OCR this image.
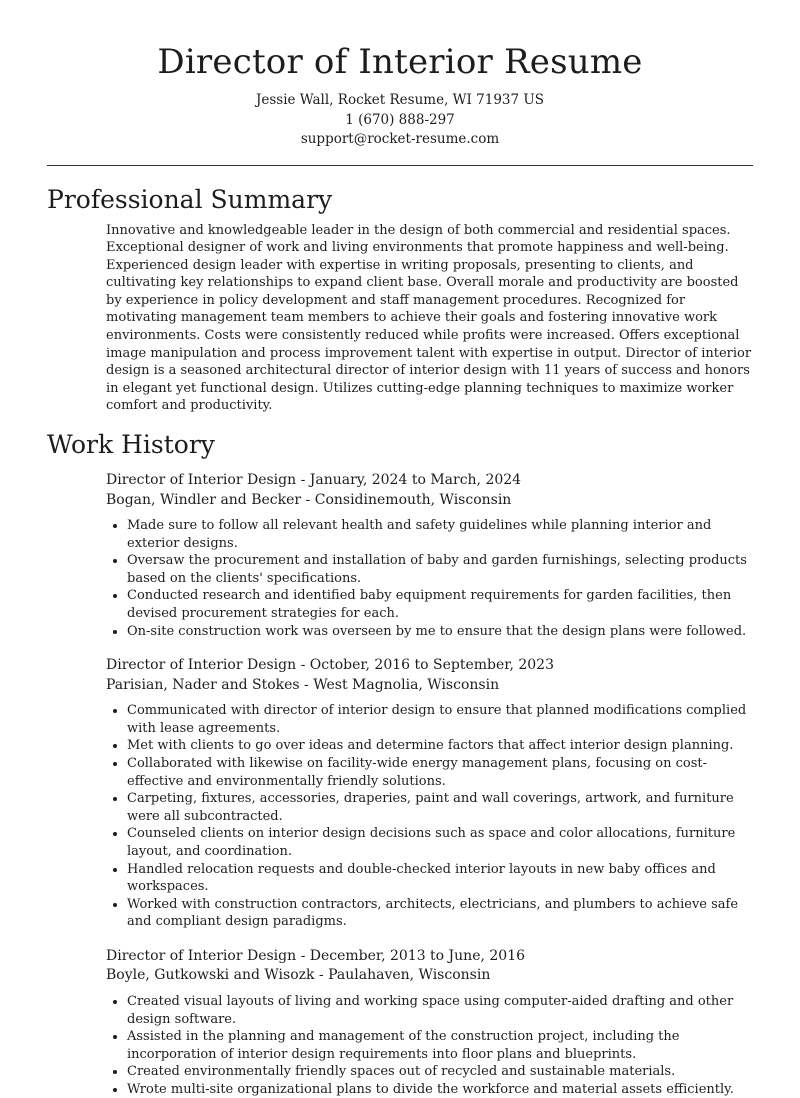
Director of Interior Resume
Jessie Wall, Rocket Resume, WI 71937 US
1 (670) 888-297
support@rocket-resume.com
Professional Summary

Innovative and knowledgeable leader in the design of both commercial and residential spaces. Exceptional designer of work and living environments that promote happiness and well-being. Experienced design leader with expertise in writing proposals, presenting to clients, and cultivating key relationships to expand client base. Overall morale and productivity are boosted by experience in policy development and staff management procedures. Recognized for motivating management team members to achieve their goals and fostering innovative work environments. Costs were consistently reduced while profits were increased. Offers exceptional image manipulation and process improvement talent with expertise in output. Director of interior design is a seasoned architectural director of interior design with 11 years of success and honors in elegant yet functional design. Utilizes cutting-edge planning techniques to maximize worker comfort and productivity.

Work History
Director of Interior Design - January, 2024 to March, 2024
Bogan, Windler and Becker - Considinemouth, Wisconsin
• Made sure to follow all relevant health and safety guidelines while planning interior and exterior designs.
• Oversaw the procurement and installation of baby and garden furnishings, selecting products based on the clients' specifications.
• Conducted research and identified baby equipment requirements for garden facilities, then devised procurement strategies for each.
• On-site construction work was overseen by me to ensure that the design plans were followed.
Director of Interior Design - October, 2016 to September, 2023
Parisian, Nader and Stokes - West Magnolia, Wisconsin
• Communicated with director of interior design to ensure that planned modifications complied with lease agreements.
• Met with clients to go over ideas and determine factors that affect interior design planning.
• Collaborated with likewise on facility-wide energy management plans, focusing on cost-effective and environmentally friendly solutions.
• Carpeting, fixtures, accessories, draperies, paint and wall coverings, artwork, and furniture were all subcontracted.
• Counseled clients on interior design decisions such as space and color allocations, furniture layout, and coordination.
• Handled relocation requests and double-checked interior layouts in new baby offices and workspaces.
• Worked with construction contractors, architects, electricians, and plumbers to achieve safe and compliant design paradigms.
Director of Interior Design - December, 2013 to June, 2016
Boyle, Gutkowski and Wisozk - Paulahaven, Wisconsin
• Created visual layouts of living and working space using computer-aided drafting and other design software.
• Assisted in the planning and management of the construction project, including the incorporation of interior design requirements into floor plans and blueprints.
• Created environmentally friendly spaces out of recycled and sustainable materials.
• Wrote multi-site organizational plans to divide the workforce and material assets efficiently.
